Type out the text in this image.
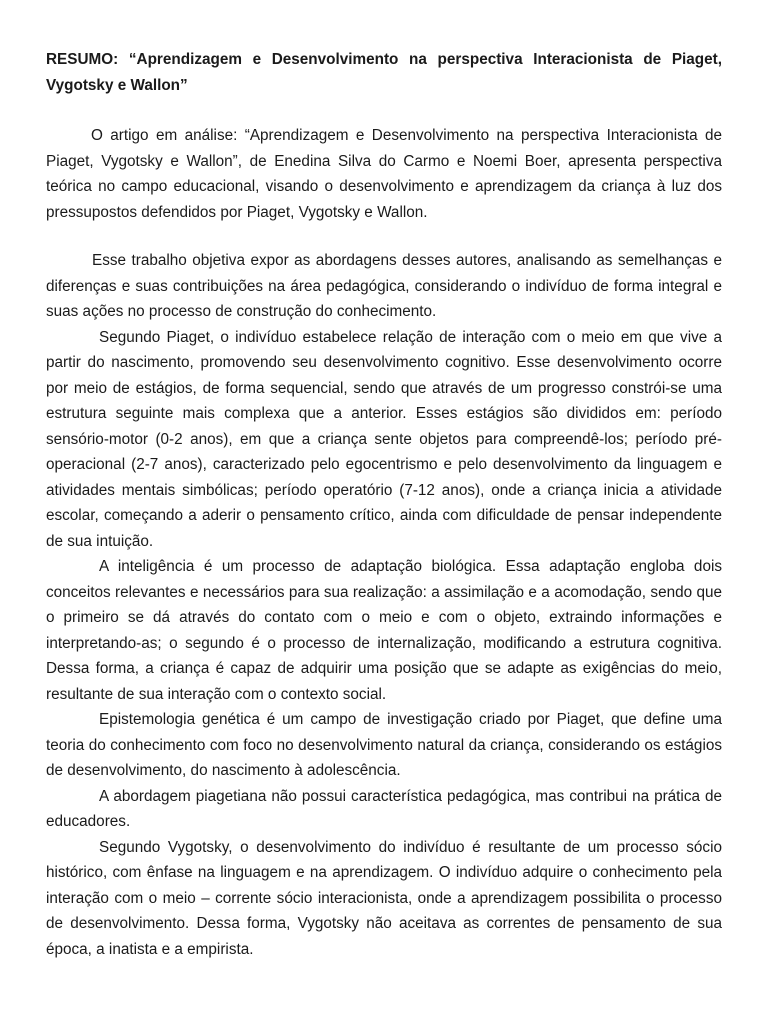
RESUMO: “Aprendizagem e Desenvolvimento na perspectiva Interacionista de Piaget, Vygotsky e Wallon”

O artigo em análise: “Aprendizagem e Desenvolvimento na perspectiva Interacionista de Piaget, Vygotsky e Wallon”, de Enedina Silva do Carmo e Noemi Boer, apresenta perspectiva teórica no campo educacional, visando o desenvolvimento e aprendizagem da criança à luz dos pressupostos defendidos por Piaget, Vygotsky e Wallon.

Esse trabalho objetiva expor as abordagens desses autores, analisando as semelhanças e diferenças e suas contribuições na área pedagógica, considerando o indivíduo de forma integral e suas ações no processo de construção do conhecimento.

Segundo Piaget, o indivíduo estabelece relação de interação com o meio em que vive a partir do nascimento, promovendo seu desenvolvimento cognitivo. Esse desenvolvimento ocorre por meio de estágios, de forma sequencial, sendo que através de um progresso constrói-se uma estrutura seguinte mais complexa que a anterior. Esses estágios são divididos em: período sensório-motor (0-2 anos), em que a criança sente objetos para compreendê-los; período pré-operacional (2-7 anos), caracterizado pelo egocentrismo e pelo desenvolvimento da linguagem e atividades mentais simbólicas; período operatório (7-12 anos), onde a criança inicia a atividade escolar, começando a aderir o pensamento crítico, ainda com dificuldade de pensar independente de sua intuição.

A inteligência é um processo de adaptação biológica. Essa adaptação engloba dois conceitos relevantes e necessários para sua realização: a assimilação e a acomodação, sendo que o primeiro se dá através do contato com o meio e com o objeto, extraindo informações e interpretando-as; o segundo é o processo de internalização, modificando a estrutura cognitiva. Dessa forma, a criança é capaz de adquirir uma posição que se adapte as exigências do meio, resultante de sua interação com o contexto social.

Epistemologia genética é um campo de investigação criado por Piaget, que define uma teoria do conhecimento com foco no desenvolvimento natural da criança, considerando os estágios de desenvolvimento, do nascimento à adolescência.

A abordagem piagetiana não possui característica pedagógica, mas contribui na prática de educadores.

Segundo Vygotsky, o desenvolvimento do indivíduo é resultante de um processo sócio histórico, com ênfase na linguagem e na aprendizagem. O indivíduo adquire o conhecimento pela interação com o meio – corrente sócio interacionista, onde a aprendizagem possibilita o processo de desenvolvimento. Dessa forma, Vygotsky não aceitava as correntes de pensamento de sua época, a inatista e a empirista.
